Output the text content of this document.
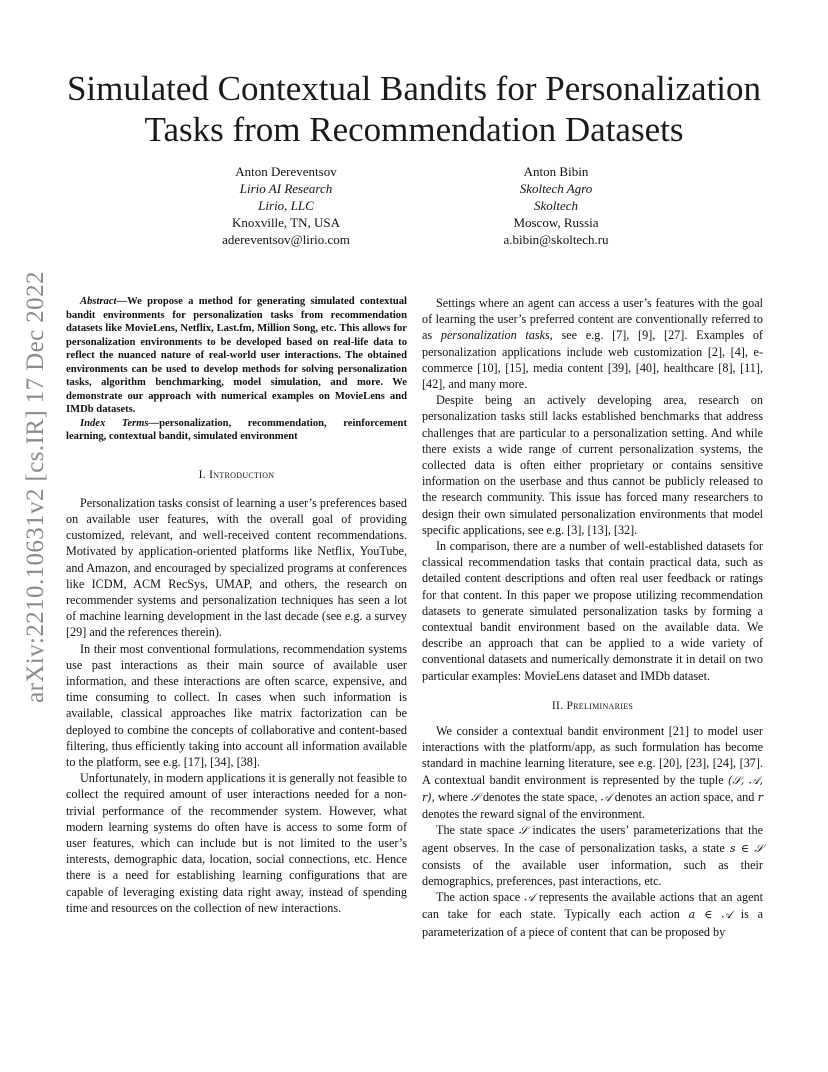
Simulated Contextual Bandits for Personalization Tasks from Recommendation Datasets
Anton Dereventsov
Lirio AI Research
Lirio, LLC
Knoxville, TN, USA
adereventsov@lirio.com
Anton Bibin
Skoltech Agro
Skoltech
Moscow, Russia
a.bibin@skoltech.ru
arXiv:2210.10631v2 [cs.IR] 17 Dec 2022	Abstract—We propose a method for generating simulated contextual bandit environments for personalization tasks from recommendation datasets like MovieLens, Netflix, Last.fm, Million Song, etc. This allows for personalization environments to be developed based on real-life data to reflect the nuanced nature of real-world user interactions. The obtained environments can be used to develop methods for solving personalization tasks, algorithm benchmarking, model simulation, and more. We demonstrate our approach with numerical examples on MovieLens and IMDb datasets.

Index Terms—personalization, recommendation, reinforcement learning, contextual bandit, simulated environment

I. Introduction

Personalization tasks consist of learning a user’s preferences based on available user features, with the overall goal of providing customized, relevant, and well-received content recommendations. Motivated by application-oriented platforms like Netflix, YouTube, and Amazon, and encouraged by specialized programs at conferences like ICDM, ACM RecSys, UMAP, and others, the research on recommender systems and personalization techniques has seen a lot of machine learning development in the last decade (see e.g. a survey [29] and the references therein).

In their most conventional formulations, recommendation systems use past interactions as their main source of available user information, and these interactions are often scarce, expensive, and time consuming to collect. In cases when such information is available, classical approaches like matrix factorization can be deployed to combine the concepts of collaborative and content-based filtering, thus efficiently taking into account all information available to the platform, see e.g. [17], [34], [38].

Unfortunately, in modern applications it is generally not feasible to collect the required amount of user interactions needed for a non-trivial performance of the recommender system. However, what modern learning systems do often have is access to some form of user features, which can include but is not limited to the user’s interests, demographic data, location, social connections, etc. Hence there is a need for establishing learning configurations that are capable of leveraging existing data right away, instead of spending time and resources on the collection of new interactions.

Settings where an agent can access a user’s features with the goal of learning the user’s preferred content are conventionally referred to as personalization tasks, see e.g. [7], [9], [27]. Examples of personalization applications include web customization [2], [4], e-commerce [10], [15], media content [39], [40], healthcare [8], [11], [42], and many more.

Despite being an actively developing area, research on personalization tasks still lacks established benchmarks that address challenges that are particular to a personalization setting. And while there exists a wide range of current personalization systems, the collected data is often either proprietary or contains sensitive information on the userbase and thus cannot be publicly released to the research community. This issue has forced many researchers to design their own simulated personalization environments that model specific applications, see e.g. [3], [13], [32].

In comparison, there are a number of well-established datasets for classical recommendation tasks that contain practical data, such as detailed content descriptions and often real user feedback or ratings for that content. In this paper we propose utilizing recommendation datasets to generate simulated personalization tasks by forming a contextual bandit environment based on the available data. We describe an approach that can be applied to a wide variety of conventional datasets and numerically demonstrate it in detail on two particular examples: MovieLens dataset and IMDb dataset.

II. Preliminaries

We consider a contextual bandit environment [21] to model user interactions with the platform/app, as such formulation has become standard in machine learning literature, see e.g. [20], [23], [24], [37]. A contextual bandit environment is represented by the tuple (𝒮, 𝒜, r), where 𝒮 denotes the state space, 𝒜 denotes an action space, and r denotes the reward signal of the environment.

The state space 𝒮 indicates the users’ parameterizations that the agent observes. In the case of personalization tasks, a state s ∈ 𝒮 consists of the available user information, such as their demographics, preferences, past interactions, etc.

The action space 𝒜 represents the available actions that an agent can take for each state. Typically each action a ∈ 𝒜 is a parameterization of a piece of content that can be proposed by
